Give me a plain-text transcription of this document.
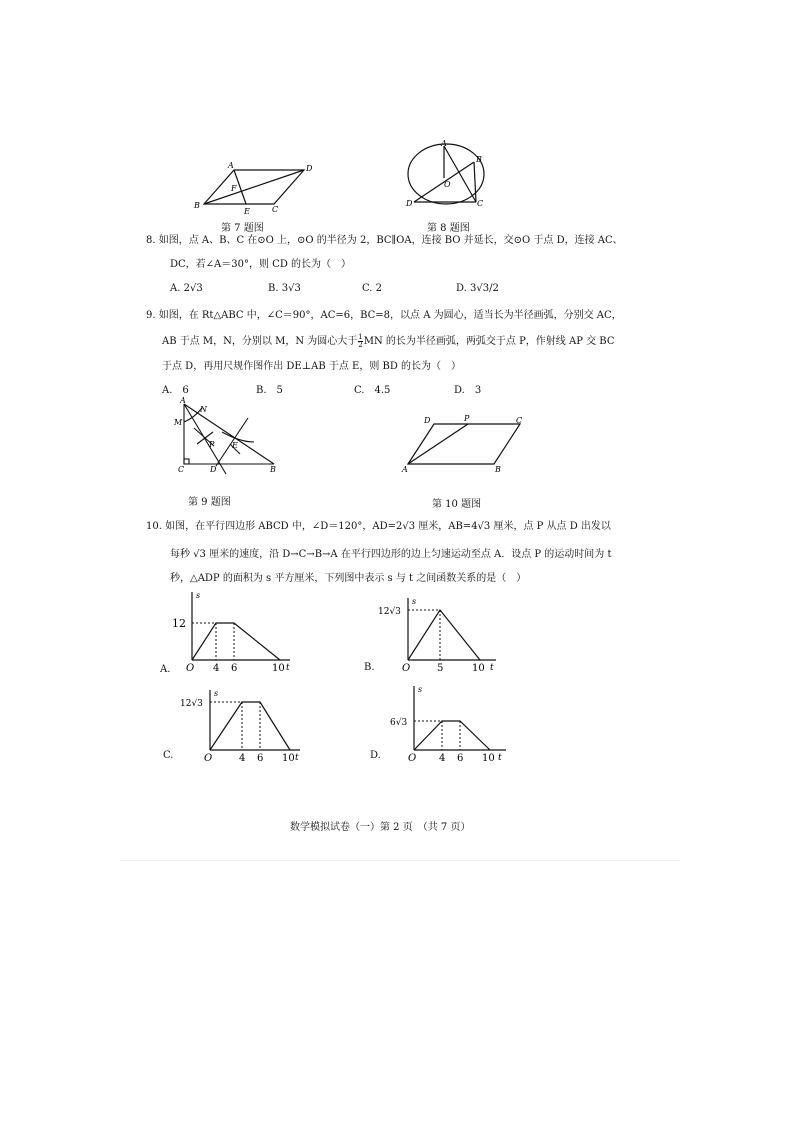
A	D
B	C
E
F
第 7 题图
A
B
O
D	C
第 8 题图
8. 如图，点 A、B、C 在⊙O 上，⊙O 的半径为 2，BC∥OA，连接 BO 并延长，交⊙O 于点 D，连接 AC、
DC，若∠A＝30°，则 CD 的长为（　）
A. 2√3	B. 3√3	C. 2	D. 3√3/2
9. 如图，在 Rt△ABC 中，∠C＝90°，AC=6，BC=8，以点 A 为圆心，适当长为半径画弧，分别交 AC，
AB 于点 M，N，分别以 M，N 为圆心大于 $\frac{1}{2}$ MN 的长为半径画弧，两弧交于点 P，作射线 AP 交 BC
于点 D，再用尺规作图作出 DE⊥AB 于点 E，则 BD 的长为（　）
A.　 6	B.　 5	C.　 4.5	D.　 3
A
N
M
P E
C	D	B
第 9 题图
D	P	C
A	B
第 10 题图
10. 如图，在平行四边形 ABCD 中，∠D＝120°，AD=2√3 厘米，AB=4√3 厘米，点 P 从点 D 出发以
每秒 √3 厘米的速度，沿 D→C→B→A 在平行四边形的边上匀速运动至点 A．设点 P 的运动时间为 t
秒，△ADP 的面积为 s 平方厘米，下列图中表示 s 与 t 之间函数关系的是（　）
A.
s
12
O 4 6	10 t	B.
s
12√3
O	5	10 t
C.
s
12√3
O	4 6 10 t	D.
s
6√3
O 4 6 10 t
数学模拟试卷（一）第 2 页　（共 7 页）
